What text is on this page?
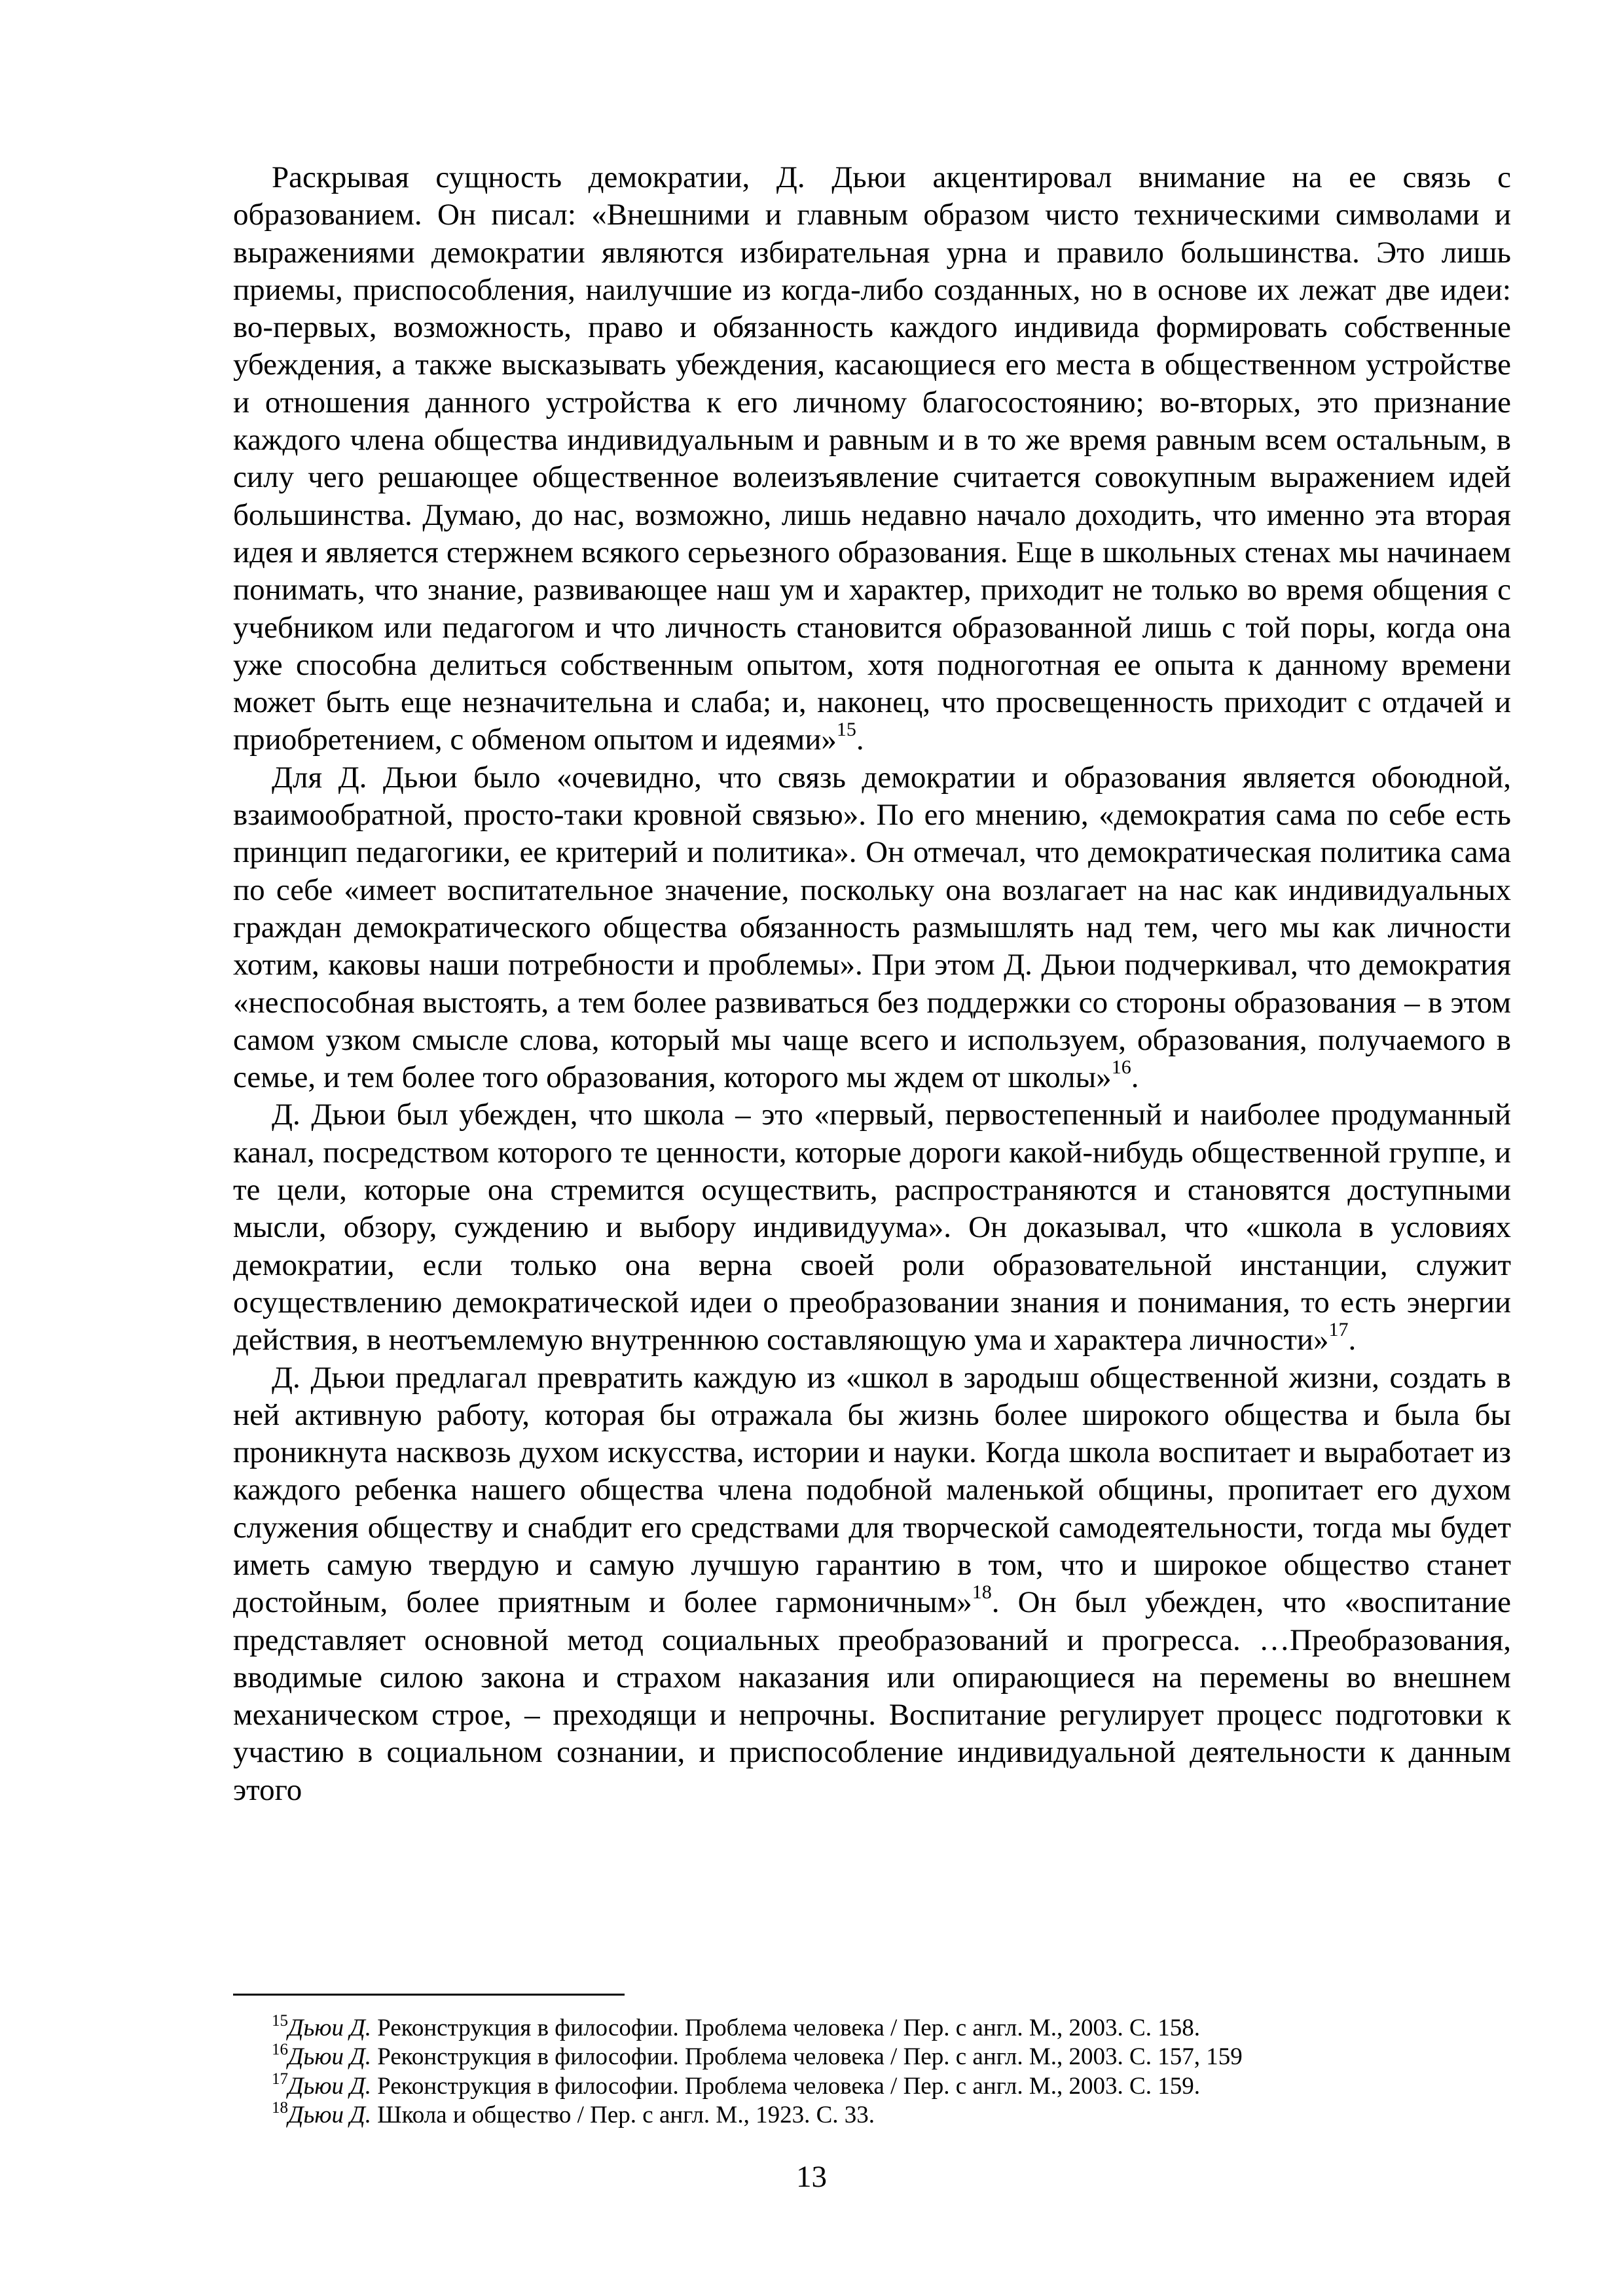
Раскрывая сущность демократии, Д. Дьюи акцентировал внимание на ее связь с образованием. Он писал: «Внешними и главным образом чисто техническими символами и выражениями демократии являются избирательная урна и правило большинства. Это лишь приемы, приспособления, наилучшие из когда-либо созданных, но в основе их лежат две идеи: во-первых, возможность, право и обязанность каждого индивида формировать собственные убеждения, а также высказывать убеждения, касающиеся его места в общественном устройстве и отношения данного устройства к его личному благосостоянию; во-вторых, это признание каждого члена общества индивидуальным и равным и в то же время равным всем остальным, в силу чего решающее общественное волеизъявление считается совокупным выражением идей большинства. Думаю, до нас, возможно, лишь недавно начало доходить, что именно эта вторая идея и является стержнем всякого серьезного образования. Еще в школьных стенах мы начинаем понимать, что знание, развивающее наш ум и характер, приходит не только во время общения с учебником или педагогом и что личность становится образованной лишь с той поры, когда она уже способна делиться собственным опытом, хотя подноготная ее опыта к данному времени может быть еще незначительна и слаба; и, наконец, что просвещенность приходит с отдачей и приобретением, с обменом опытом и идеями»$^{15}$.

Для Д. Дьюи было «очевидно, что связь демократии и образования является обоюдной, взаимообратной, просто-таки кровной связью». По его мнению, «демократия сама по себе есть принцип педагогики, ее критерий и политика». Он отмечал, что демократическая политика сама по себе «имеет воспитательное значение, поскольку она возлагает на нас как индивидуальных граждан демократического общества обязанность размышлять над тем, чего мы как личности хотим, каковы наши потребности и проблемы». При этом Д. Дьюи подчеркивал, что демократия «неспособная выстоять, а тем более развиваться без поддержки со стороны образования – в этом самом узком смысле слова, который мы чаще всего и используем, образования, получаемого в семье, и тем более того образования, которого мы ждем от школы»$^{16}$.

Д. Дьюи был убежден, что школа – это «первый, первостепенный и наиболее продуманный канал, посредством которого те ценности, которые дороги какой-нибудь общественной группе, и те цели, которые она стремится осуществить, распространяются и становятся доступными мысли, обзору, суждению и выбору индивидуума». Он доказывал, что «школа в условиях демократии, если только она верна своей роли образовательной инстанции, служит осуществлению демократической идеи о преобразовании знания и понимания, то есть энергии действия, в неотъемлемую внутреннюю составляющую ума и характера личности»$^{17}$.

Д. Дьюи предлагал превратить каждую из «школ в зародыш общественной жизни, создать в ней активную работу, которая бы отражала бы жизнь более широкого общества и была бы проникнута насквозь духом искусства, истории и науки. Когда школа воспитает и выработает из каждого ребенка нашего общества члена подобной маленькой общины, пропитает его духом служения обществу и снабдит его средствами для творческой самодеятельности, тогда мы будет иметь самую твердую и самую лучшую гарантию в том, что и широкое общество станет достойным, более приятным и более гармоничным»$^{18}$. Он был убежден, что «воспитание представляет основной метод социальных преобразований и прогресса. …Преобразования, вводимые силою закона и страхом наказания или опирающиеся на перемены во внешнем механическом строе, – преходящи и непрочны. Воспитание регулирует процесс подготовки к участию в социальном сознании, и приспособление индивидуальной деятельности к данным этого

$^{15}$Дьюи Д. Реконструкция в философии. Проблема человека / Пер. с англ. М., 2003. С. 158.
$^{16}$Дьюи Д. Реконструкция в философии. Проблема человека / Пер. с англ. М., 2003. С. 157, 159
$^{17}$Дьюи Д. Реконструкция в философии. Проблема человека / Пер. с англ. М., 2003. С. 159.
$^{18}$Дьюи Д. Школа и общество / Пер. с англ. М., 1923. С. 33.
13
